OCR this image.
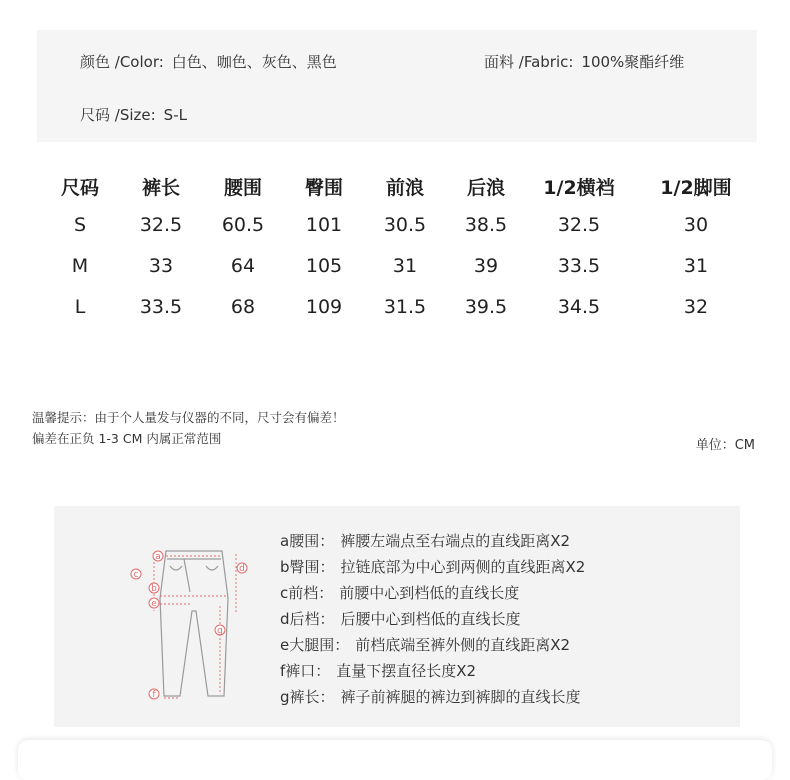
颜色 /Color: 白色、咖色、灰色、黑色	面料 /Fabric: 100%聚酯纤维
尺码 /Size: S-L
尺码	裤长	腰围	臀围	前浪	后浪	1/2横裆	1/2脚围
S	32.5	60.5	101	30.5	38.5	32.5	30
M	33	64	105	31	39	33.5	31
L	33.5	68	109	31.5	39.5	34.5	32
温馨提示：由于个人量发与仪器的不同，尺寸会有偏差！
偏差在正负 1-3 CM 内属正常范围	单位：CM
a
c
d
b
e
g
f
a腰围： 裤腰左端点至右端点的直线距离X2
b臀围： 拉链底部为中心到两侧的直线距离X2
c前档： 前腰中心到档低的直线长度
d后档： 后腰中心到档低的直线长度
e大腿围： 前档底端至裤外侧的直线距离X2
f裤口： 直量下摆直径长度X2
g裤长： 裤子前裤腿的裤边到裤脚的直线长度
